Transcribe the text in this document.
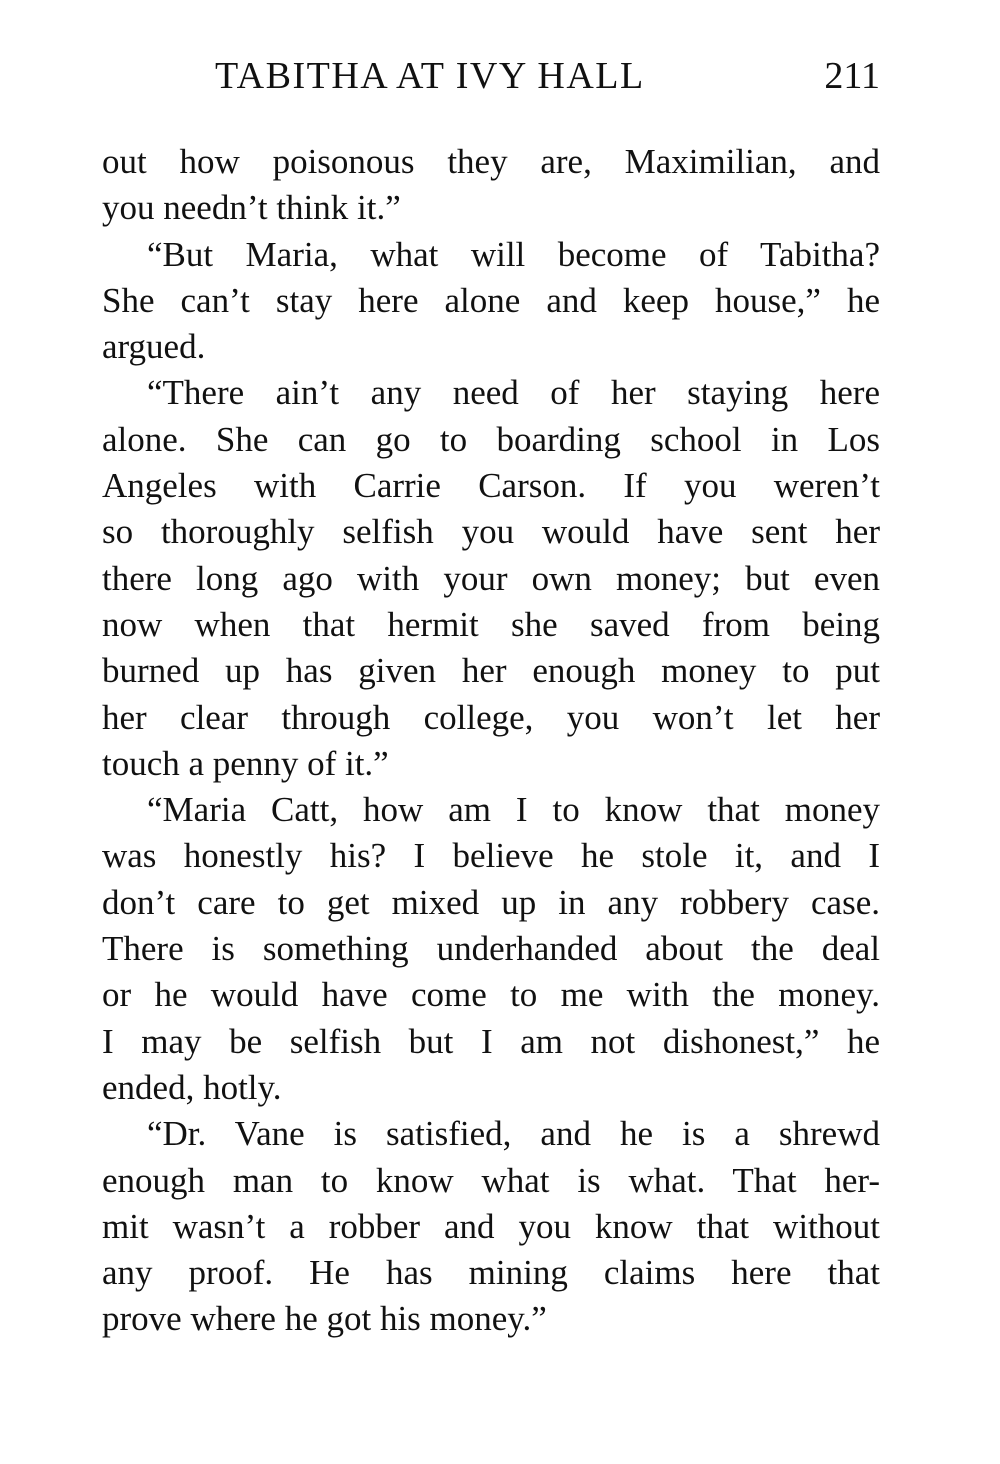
TABITHA AT IVY HALL	211
out how poisonous they are, Maximilian, and
you needn’t think it.”
“But Maria, what will become of Tabitha?
She can’t stay here alone and keep house,” he
argued.
“There ain’t any need of her staying here
alone. She can go to boarding school in Los
Angeles with Carrie Carson. If you weren’t
so thoroughly selfish you would have sent her
there long ago with your own money; but even
now when that hermit she saved from being
burned up has given her enough money to put
her clear through college, you won’t let her
touch a penny of it.”
“Maria Catt, how am I to know that money
was honestly his? I believe he stole it, and I
don’t care to get mixed up in any robbery case.
There is something underhanded about the deal
or he would have come to me with the money.
I may be selfish but I am not dishonest,” he
ended, hotly.
“Dr. Vane is satisfied, and he is a shrewd
enough man to know what is what. That her-
mit wasn’t a robber and you know that without
any proof. He has mining claims here that
prove where he got his money.”
